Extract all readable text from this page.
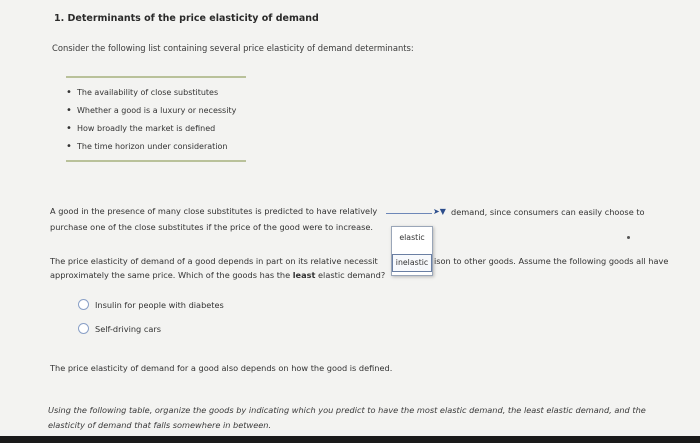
1. Determinants of the price elasticity of demand
Consider the following list containing several price elasticity of demand determinants:
• The availability of close substitutes
• Whether a good is a luxury or necessity
• How broadly the market is defined
• The time horizon under consideration
A good in the presence of many close substitutes is predicted to have relatively	➤▼ demand, since consumers can easily choose to
purchase one of the close substitutes if the price of the good were to increase.
The price elasticity of demand of a good depends in part on its relative necessit	ison to other goods. Assume the following goods all have
approximately the same price. Which of the goods has the least elastic demand?
elastic
inelastic
Insulin for people with diabetes
Self-driving cars
The price elasticity of demand for a good also depends on how the good is defined.
Using the following table, organize the goods by indicating which you predict to have the most elastic demand, the least elastic demand, and the
elasticity of demand that falls somewhere in between.
